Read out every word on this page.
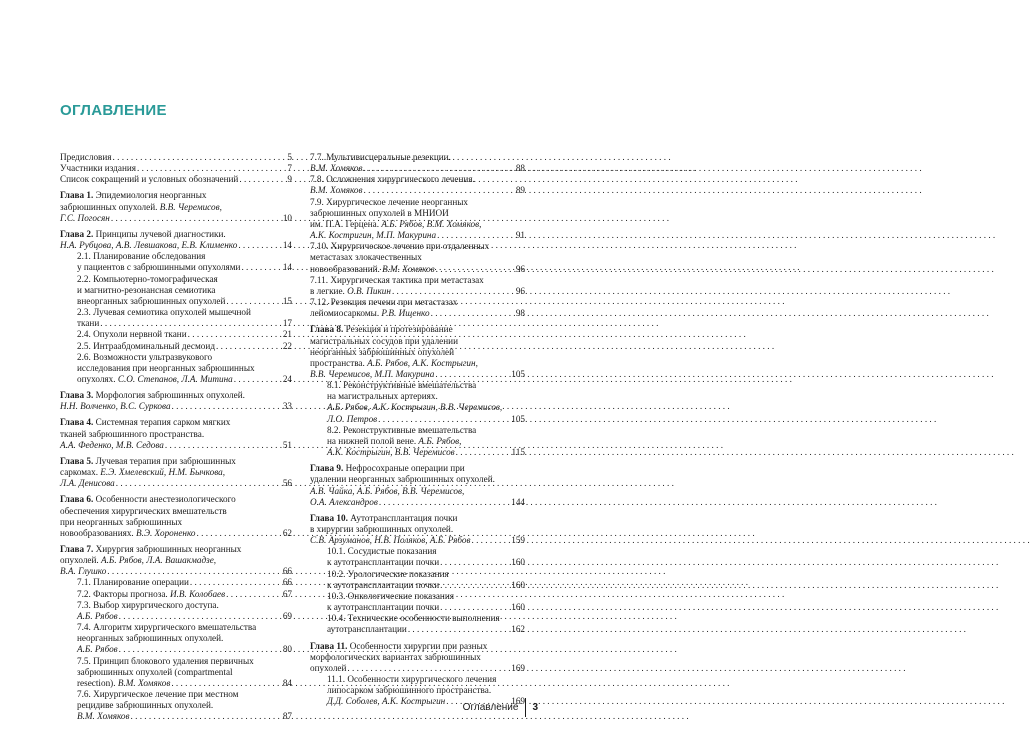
ОГЛАВЛЕНИЕ
Предисловия . . .	5
Участники издания . . .	7
Список сокращений и условных обозначений . . .	9
Глава 1. Эпидемиология неорганных
забрюшинных опухолей. В.В. Черемисов,
Г.С. Погосян . . .	10
Глава 2. Принципы лучевой диагностики.
Н.А. Рубцова, А.В. Левшакова, Е.В. Клименко . . .	14
2.1. Планирование обследования
у пациентов с забрюшинными опухолями . . .	14
2.2. Компьютерно-томографическая
и магнитно-резонансная семиотика
внеорганных забрюшинных опухолей . . .	15
2.3. Лучевая семиотика опухолей мышечной
ткани . . .	17
2.4. Опухоли нервной ткани . . .	21
2.5. Интраабдоминальный десмоид . . .	22
2.6. Возможности ультразвукового
исследования при неорганных забрюшинных
опухолях. С.О. Степанов, Л.А. Митина . . .	24
Глава 3. Морфология забрюшинных опухолей.
Н.Н. Волченко, В.С. Суркова . . .	33
Глава 4. Системная терапия сарком мягких
тканей забрюшинного пространства.
А.А. Феденко, М.В. Седова . . .	51
Глава 5. Лучевая терапия при забрюшинных
саркомах. Е.Э. Хмелевский, Н.М. Бычкова,
Л.А. Денисова . . .	56
Глава 6. Особенности анестезиологического
обеспечения хирургических вмешательств
при неорганных забрюшинных
новообразованиях. В.Э. Хороненко . . .	62
Глава 7. Хирургия забрюшинных неорганных
опухолей. А.Б. Рябов, Л.А. Вашакмадзе,
В.А. Глушко . . .	66
7.1. Планирование операции . . .	66
7.2. Факторы прогноза. И.В. Колобаев . . .	67
7.3. Выбор хирургического доступа.
А.Б. Рябов . . .	69
7.4. Алгоритм хирургического вмешательства
неорганных забрюшинных опухолей.
А.Б. Рябов . . .	80
7.5. Принцип блокового удаления первичных
забрюшинных опухолей (compartmental
resection). В.М. Хомяков . . .	84
7.6. Хирургическое лечение при местном
рецидиве забрюшинных опухолей.
В.М. Хомяков . . .	87
7.7. Мультивисцеральные резекции.
В.М. Хомяков . . .	88
7.8. Осложнения хирургического лечения.
В.М. Хомяков . . .	89
7.9. Хирургическое лечение неорганных
забрюшинных опухолей в МНИОИ
им. П.А. Герцена. А.Б. Рябов, В.М. Хомяков,
А.К. Костригин, М.П. Макурина . . .	91
7.10. Хирургическое лечение при отдаленных
метастазах злокачественных
новообразований. В.М. Хомяков . . .	96
7.11. Хирургическая тактика при метастазах
в легкие. О.В. Пикин . . .	96
7.12. Резекция печени при метастазах
лейомиосаркомы. Р.В. Ищенко . . .	98
Глава 8. Резекция и протезирование
магистральных сосудов при удалении
неорганных забрюшинных опухолей
пространства. А.Б. Рябов, А.К. Кострыгин,
В.В. Черемисов, М.П. Макурина . . .	105
8.1. Реконструктивные вмешательства
на магистральных артериях.
А.Б. Рябов, А.К. Кострыгин, В.В. Черемисов,
Л.О. Петров . . .	105
8.2. Реконструктивные вмешательства
на нижней полой вене. А.Б. Рябов,
А.К. Кострыгин, В.В. Черемисов . . .	115
Глава 9. Нефросохраные операции при
удалении неорганных забрюшинных опухолей.
А.В. Чайка, А.Б. Рябов, В.В. Черемисов,
О.А. Александров . . .	144
Глава 10. Аутотрансплантация почки
в хирургии забрюшинных опухолей.
С.В. Арзуманов, Н.В. Поляков, А.Б. Рябов . . .	159
10.1. Сосудистые показания
к аутотрансплантации почки . . .	160
10.2. Урологические показания
к аутотрансплантации почки . . .	160
10.3. Онкологические показания
к аутотрансплантации почки . . .	160
10.4. Технические особенности выполнения
аутотрансплантации . . .	162
Глава 11. Особенности хирургии при разных
морфологических вариантах забрюшинных
опухолей . . .	169
11.1. Особенности хирургического лечения
липосарком забрюшинного пространства.
Д.Д. Соболев, А.К. Кострыгин . . .	169
Оглавление 3
